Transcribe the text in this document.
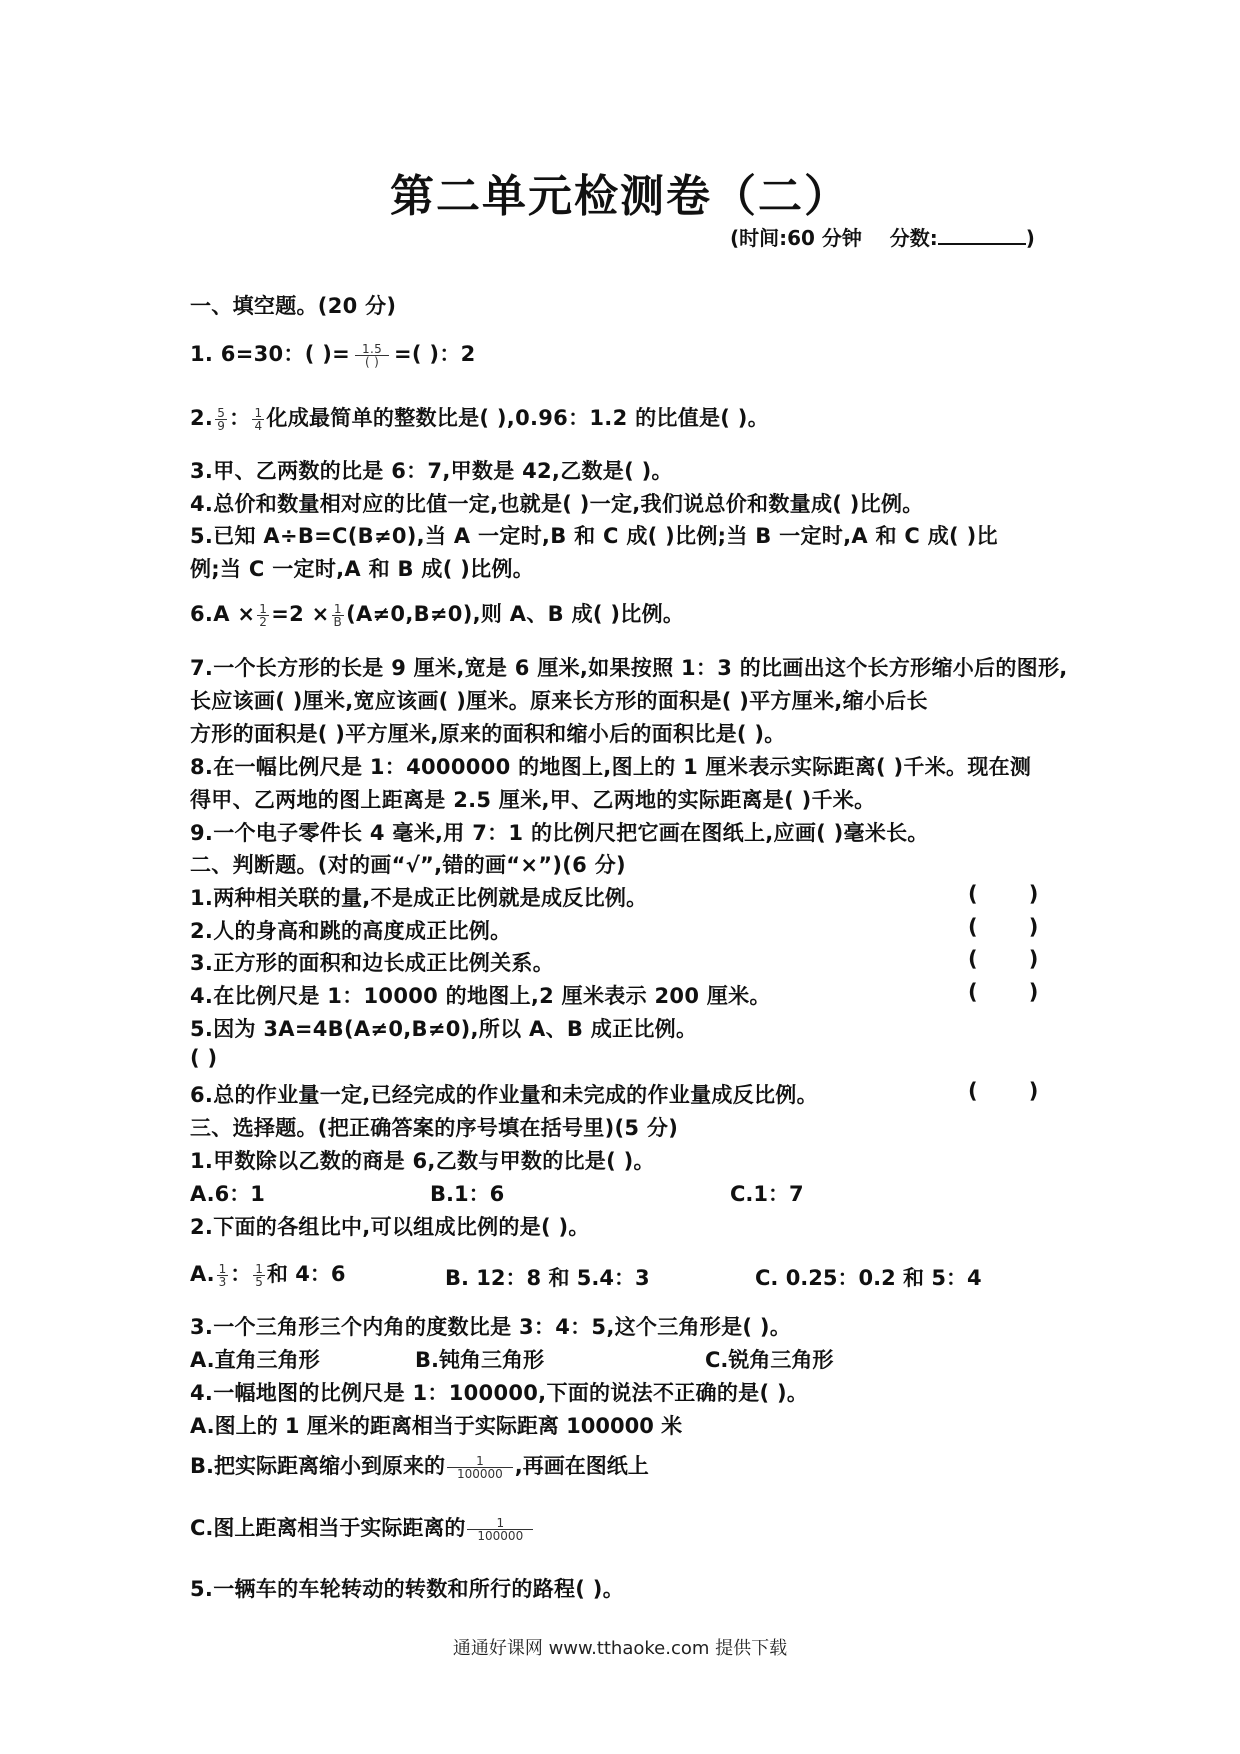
第二单元检测卷（二）
(时间:60 分钟 分数:	)
一、填空题。(20 分)
1. 6=30：( )= $\frac{1.5}{( )}$ =( )：2
2. $\frac{5}{9}$ ： $\frac{1}{4}$ 化成最简单的整数比是( ),0.96：1.2 的比值是( )。
3.甲、乙两数的比是 6：7,甲数是 42,乙数是( )。
4.总价和数量相对应的比值一定,也就是( )一定,我们说总价和数量成( )比例。
5.已知 A÷B=C(B≠0),当 A 一定时,B 和 C 成( )比例;当 B 一定时,A 和 C 成( )比
例;当 C 一定时,A 和 B 成( )比例。
$6.A \times \frac{1}{2} =2 \times \frac{1}{B} (A\ne 0,B\ne 0)$,则 A、B 成( )比例。
7.一个长方形的长是 9 厘米,宽是 6 厘米,如果按照 1：3 的比画出这个长方形缩小后的图形,
长应该画( )厘米,宽应该画( )厘米。原来长方形的面积是( )平方厘米,缩小后长
方形的面积是( )平方厘米,原来的面积和缩小后的面积比是( )。
8.在一幅比例尺是 1：4000000 的地图上,图上的 1 厘米表示实际距离( )千米。现在测
得甲、乙两地的图上距离是 2.5 厘米,甲、乙两地的实际距离是( )千米。
9.一个电子零件长 4 毫米,用 7：1 的比例尺把它画在图纸上,应画( )毫米长。
二、判断题。(对的画“√”,错的画“×”)(6 分)
1.两种相关联的量,不是成正比例就是成反比例。	(       )
2.人的身高和跳的高度成正比例。	(       )
3.正方形的面积和边长成正比例关系。	(       )
4.在比例尺是 1：10000 的地图上,2 厘米表示 200 厘米。	(       )
5.因为 3A=4B(A≠0,B≠0),所以 A、B 成正比例。
( )
6.总的作业量一定,已经完成的作业量和未完成的作业量成反比例。	(       )
三、选择题。(把正确答案的序号填在括号里)(5 分)
1.甲数除以乙数的商是 6,乙数与甲数的比是( )。
A.6：1	B.1：6	C.1：7
2.下面的各组比中,可以组成比例的是( )。
A. $\frac{1}{3}$ ： $\frac{1}{5}$ 和 4：6	B. 12：8 和 5.4：3	C. 0.25：0.2 和 5：4
3.一个三角形三个内角的度数比是 3：4：5,这个三角形是( )。
A.直角三角形	B.钝角三角形	C.锐角三角形
4.一幅地图的比例尺是 1：100000,下面的说法不正确的是( )。
A.图上的 1 厘米的距离相当于实际距离 100000 米
B.把实际距离缩小到原来的 $\frac{1}{100000}$ ,再画在图纸上
C.图上距离相当于实际距离的 $\frac{1}{100000}$
5.一辆车的车轮转动的转数和所行的路程( )。
通通好课网 www.tthaoke.com 提供下载
